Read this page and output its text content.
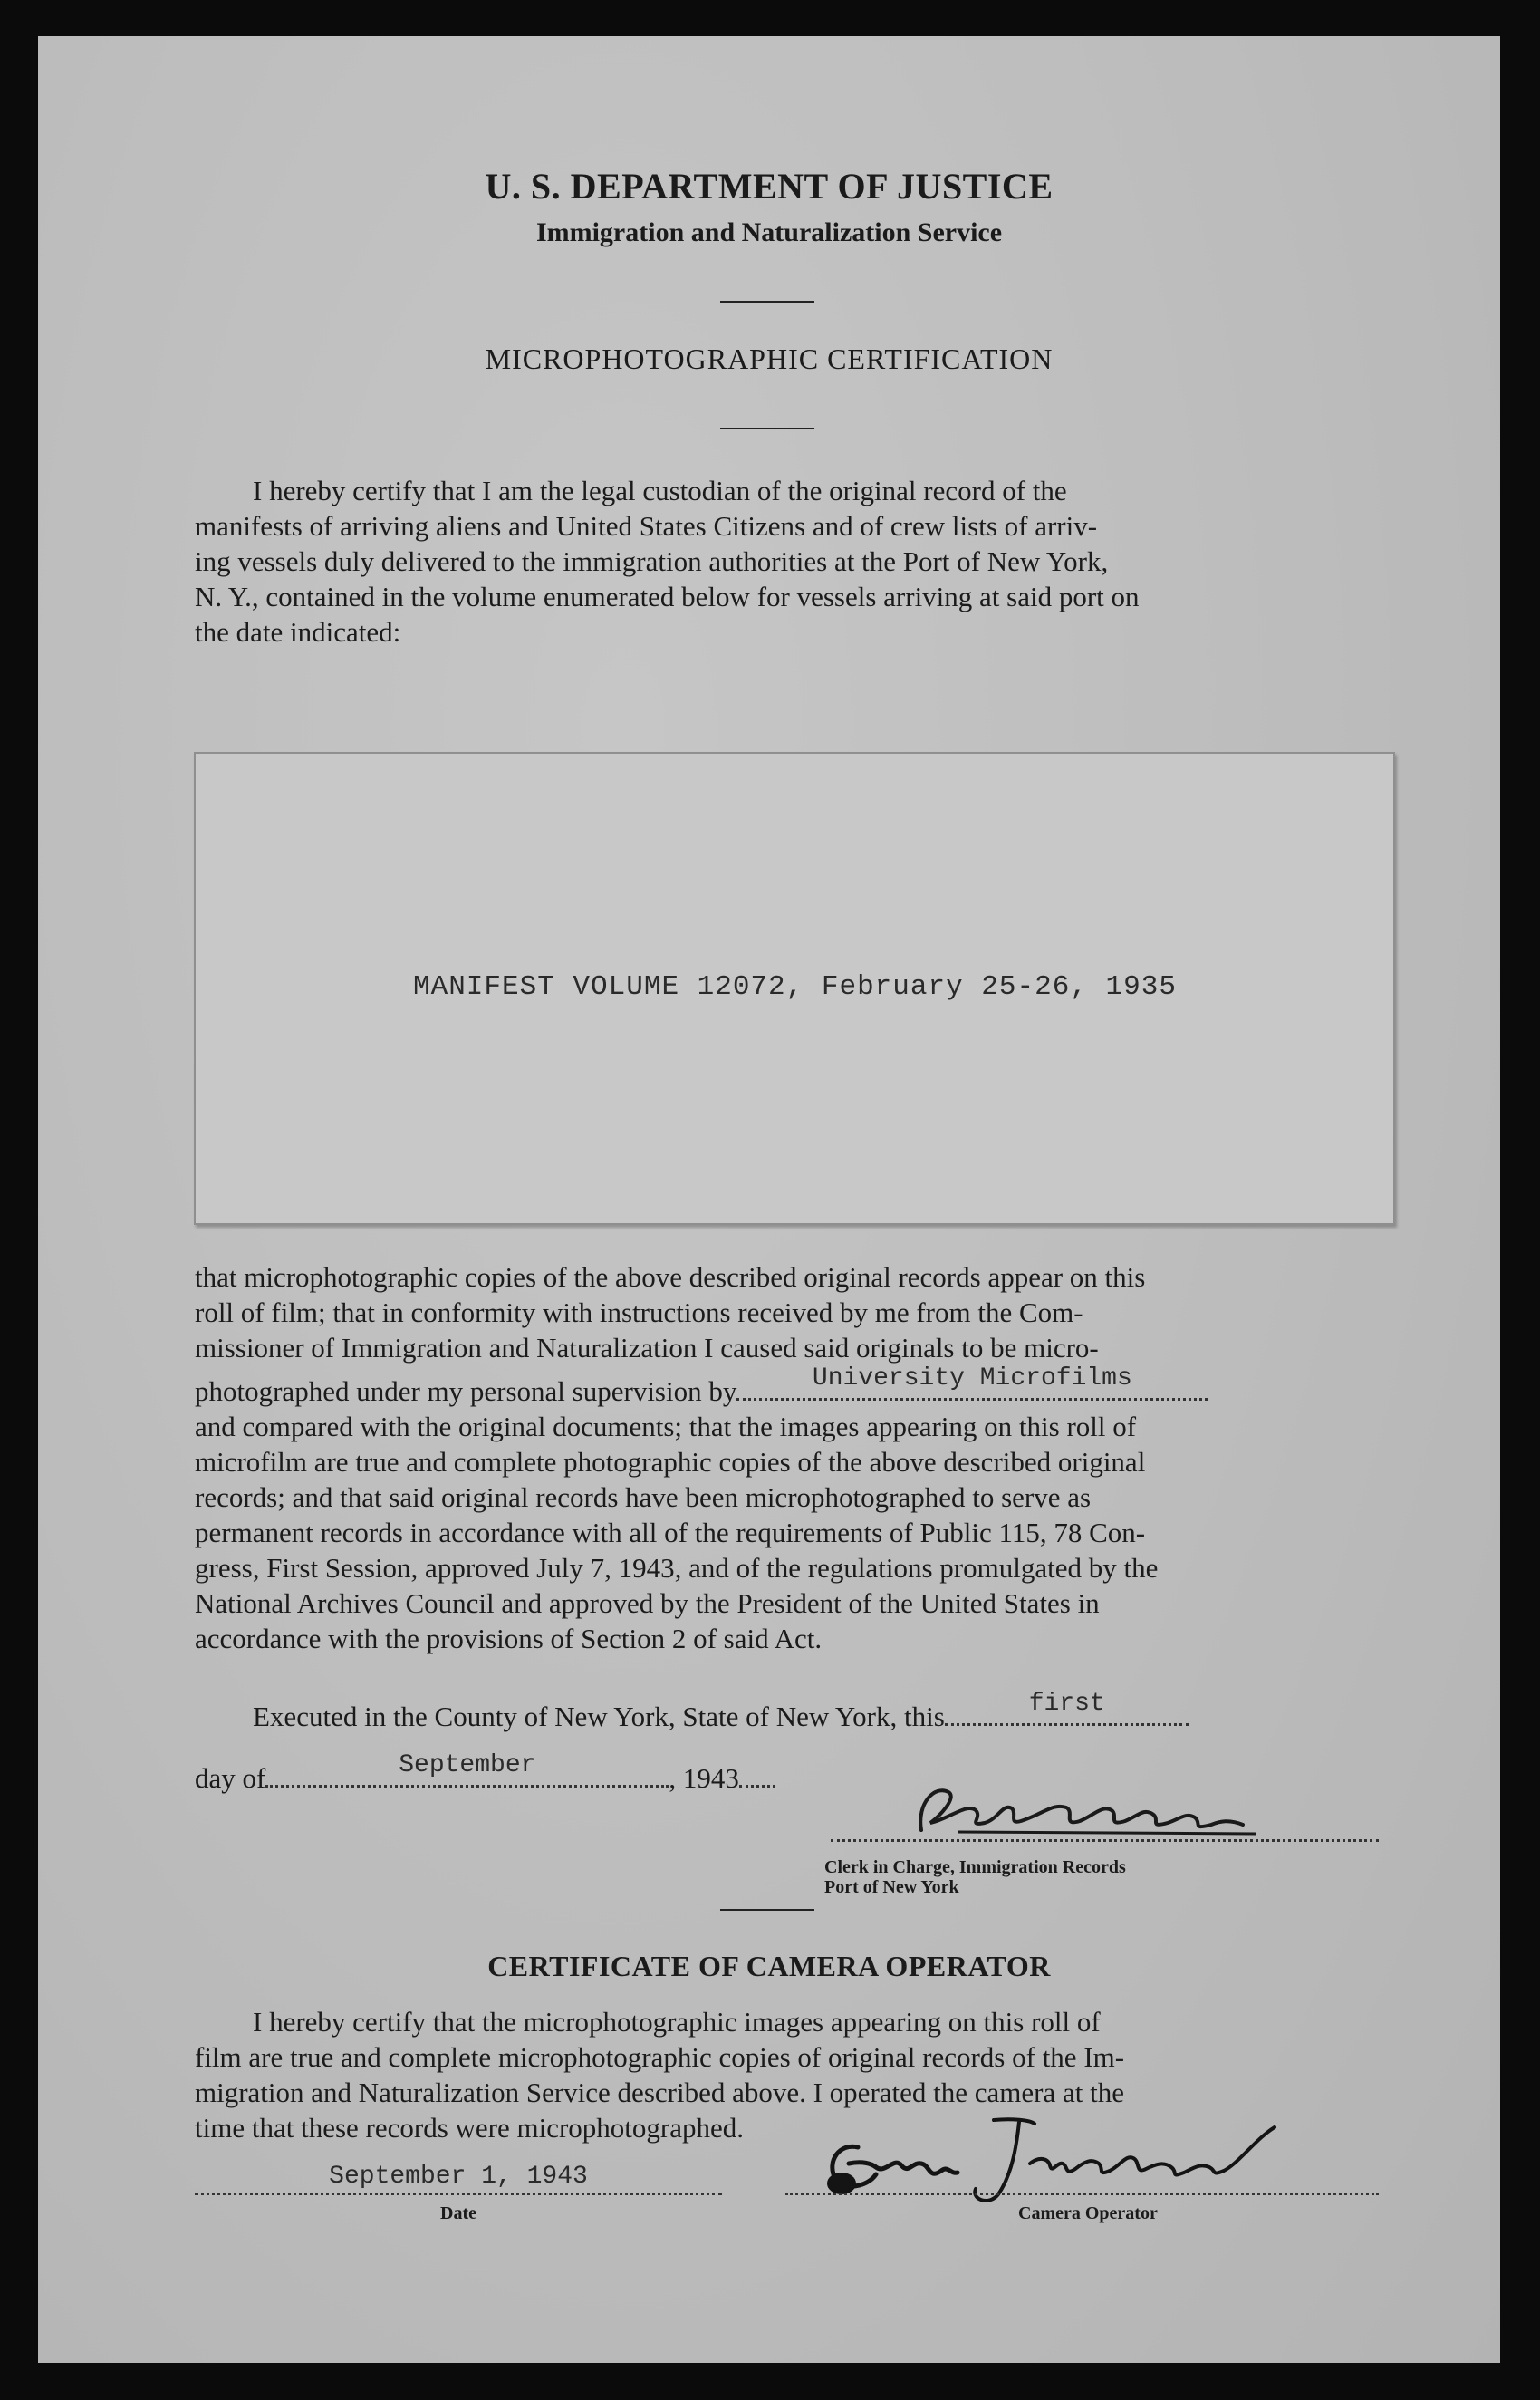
U. S. DEPARTMENT OF JUSTICE
Immigration and Naturalization Service
MICROPHOTOGRAPHIC CERTIFICATION
I hereby certify that I am the legal custodian of the original record of the
manifests of arriving aliens and United States Citizens and of crew lists of arriv-
ing vessels duly delivered to the immigration authorities at the Port of New York,
N. Y., contained in the volume enumerated below for vessels arriving at said port on
the date indicated:
MANIFEST VOLUME 12072, February 25-26, 1935
that microphotographic copies of the above described original records appear on this
roll of film; that in conformity with instructions received by me from the Com-
missioner of Immigration and Naturalization I caused said originals to be micro-
photographed under my personal supervision by	University Microfilms
and compared with the original documents; that the images appearing on this roll of
microfilm are true and complete photographic copies of the above described original
records; and that said original records have been microphotographed to serve as
permanent records in accordance with all of the requirements of Public 115, 78 Con-
gress, First Session, approved July 7, 1943, and of the regulations promulgated by the
National Archives Council and approved by the President of the United States in
accordance with the provisions of Section 2 of said Act.
Executed in the County of New York, State of New York, this	first
day of	September	, 1943
Clerk in Charge, Immigration Records
Port of New York
CERTIFICATE OF CAMERA OPERATOR
I hereby certify that the microphotographic images appearing on this roll of
film are true and complete microphotographic copies of original records of the Im-
migration and Naturalization Service described above. I operated the camera at the
time that these records were microphotographed.
September 1, 1943
Date	Camera Operator
